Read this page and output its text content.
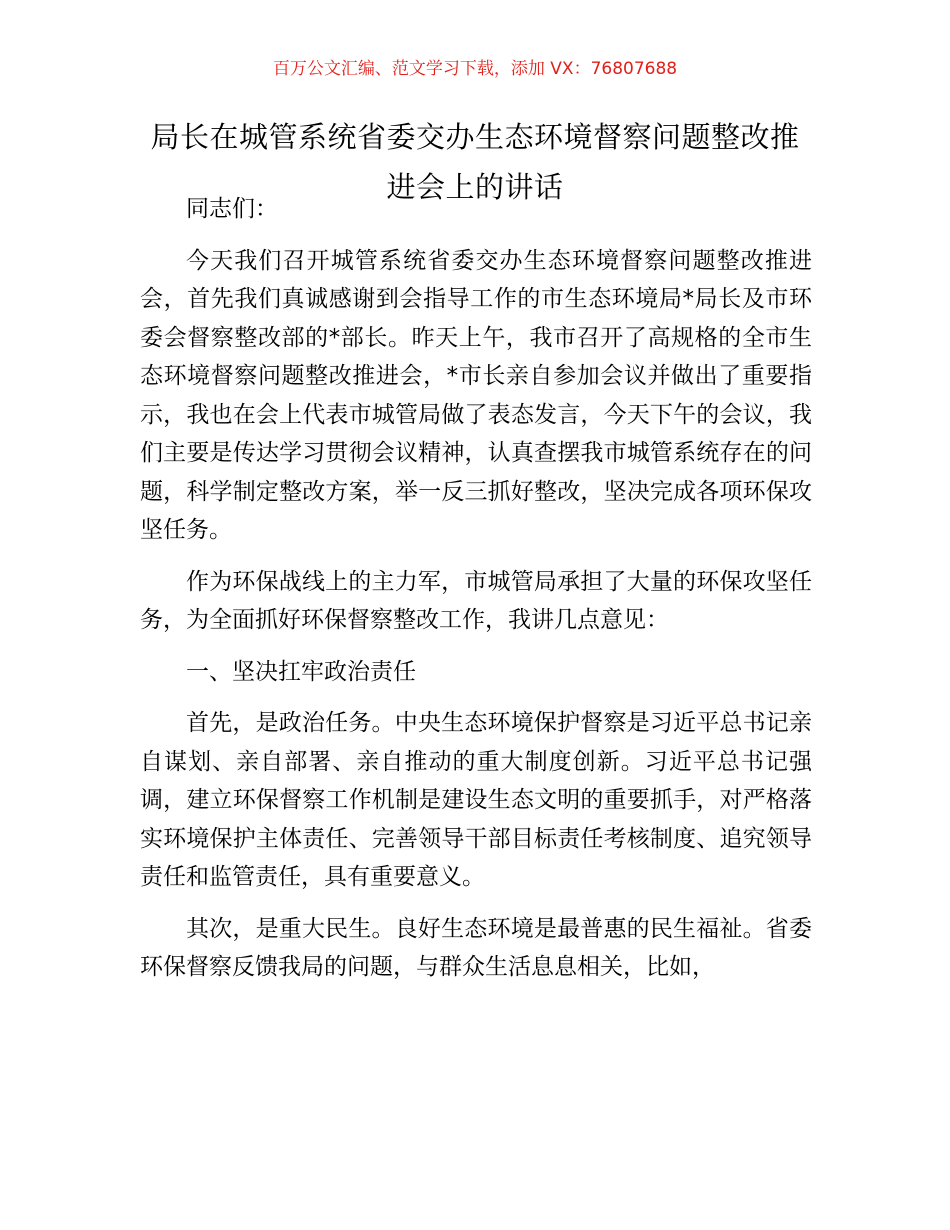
百万公文汇编、范文学习下载，添加 VX：76807688
局长在城管系统省委交办生态环境督察问题整改推进会上的讲话

同志们：

今天我们召开城管系统省委交办生态环境督察问题整改推进会，首先我们真诚感谢到会指导工作的市生态环境局*局长及市环委会督察整改部的*部长。昨天上午，我市召开了高规格的全市生态环境督察问题整改推进会，*市长亲自参加会议并做出了重要指示，我也在会上代表市城管局做了表态发言，今天下午的会议，我们主要是传达学习贯彻会议精神，认真查摆我市城管系统存在的问题，科学制定整改方案，举一反三抓好整改，坚决完成各项环保攻坚任务。

作为环保战线上的主力军，市城管局承担了大量的环保攻坚任务，为全面抓好环保督察整改工作，我讲几点意见：

一、坚决扛牢政治责任

首先，是政治任务。中央生态环境保护督察是习近平总书记亲自谋划、亲自部署、亲自推动的重大制度创新。习近平总书记强调，建立环保督察工作机制是建设生态文明的重要抓手，对严格落实环境保护主体责任、完善领导干部目标责任考核制度、追究领导责任和监管责任，具有重要意义。

其次，是重大民生。良好生态环境是最普惠的民生福祉。省委环保督察反馈我局的问题，与群众生活息息相关，比如，
